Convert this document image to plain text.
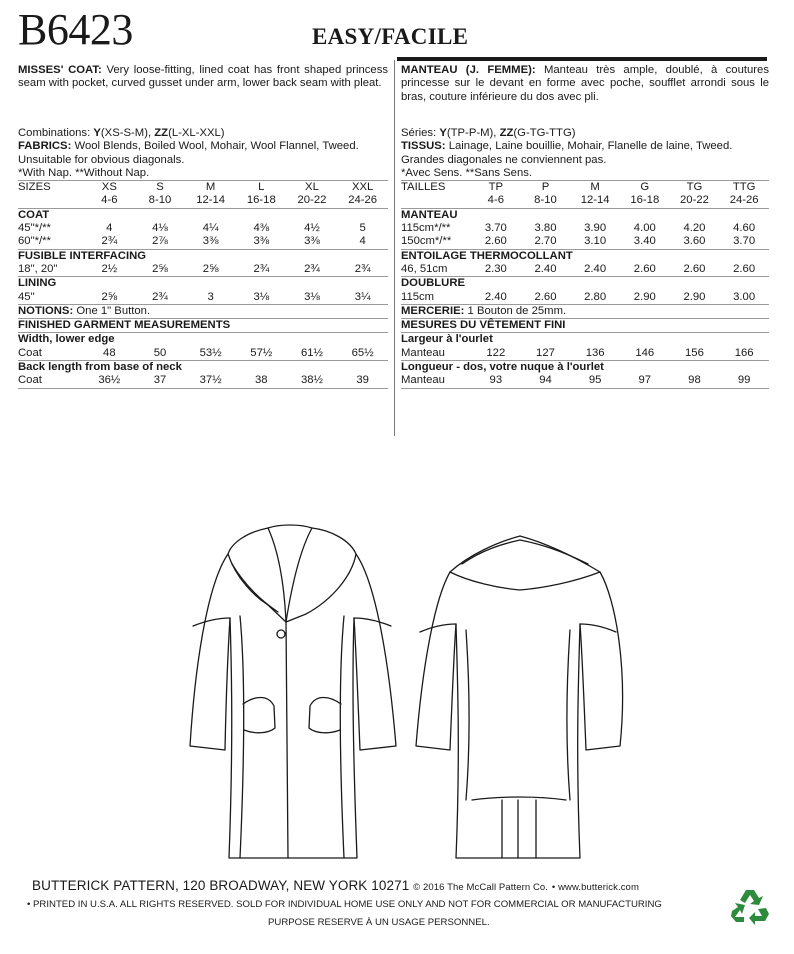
B6423	EASY/FACILE
MISSES' COAT: Very loose-fitting, lined coat has front shaped princess seam with pocket, curved gusset under arm, lower back seam with pleat.
Combinations: Y(XS-S-M), ZZ(L-XL-XXL)
FABRICS: Wool Blends, Boiled Wool, Mohair, Wool Flannel, Tweed.
Unsuitable for obvious diagonals.
*With Nap. **Without Nap.
SIZES	XS	S	M	L	XL	XXL
	4-6	8-10	12-14	16-18	20-22	24-26
COAT						
45"*/**	4	4⅛	4¼	4⅜	4½	5
60"*/**	2¾	2⅞	3⅜	3⅜	3⅜	4
FUSIBLE INTERFACING						
18", 20"	2½	2⅝	2⅝	2¾	2¾	2¾
LINING						
45"	2⅝	2¾	3	3⅛	3⅛	3¼
NOTIONS: One 1" Button.						
FINISHED GARMENT MEASUREMENTS						
Width, lower edge						
Coat	48	50	53½	57½	61½	65½
Back length from base of neck						
Coat	36½	37	37½	38	38½	39
MANTEAU (J. FEMME): Manteau très ample, doublé, à coutures princesse sur le devant en forme avec poche, soufflet arrondi sous le bras, couture inférieure du dos avec pli.
Séries: Y(TP-P-M), ZZ(G-TG-TTG)
TISSUS: Lainage, Laine bouillie, Mohair, Flanelle de laine, Tweed.
Grandes diagonales ne conviennent pas.
*Avec Sens. **Sans Sens.
TAILLES	TP	P	M	G	TG	TTG
	4-6	8-10	12-14	16-18	20-22	24-26
MANTEAU						
115cm*/**	3.70	3.80	3.90	4.00	4.20	4.60
150cm*/**	2.60	2.70	3.10	3.40	3.60	3.70
ENTOILAGE THERMOCOLLANT						
46, 51cm	2.30	2.40	2.40	2.60	2.60	2.60
DOUBLURE						
115cm	2.40	2.60	2.80	2.90	2.90	3.00
MERCERIE: 1 Bouton de 25mm.						
MESURES DU VÊTEMENT FINI						
Largeur à l'ourlet						
Manteau	122	127	136	146	156	166
Longueur - dos, votre nuque à l'ourlet						
Manteau	93	94	95	97	98	99
BUTTERICK PATTERN, 120 BROADWAY, NEW YORK 10271 © 2016 The McCall Pattern Co. • www.butterick.com
• PRINTED IN U.S.A. ALL RIGHTS RESERVED. SOLD FOR INDIVIDUAL HOME USE ONLY AND NOT FOR COMMERCIAL OR MANUFACTURING
PURPOSE RESERVE À UN USAGE PERSONNEL.
